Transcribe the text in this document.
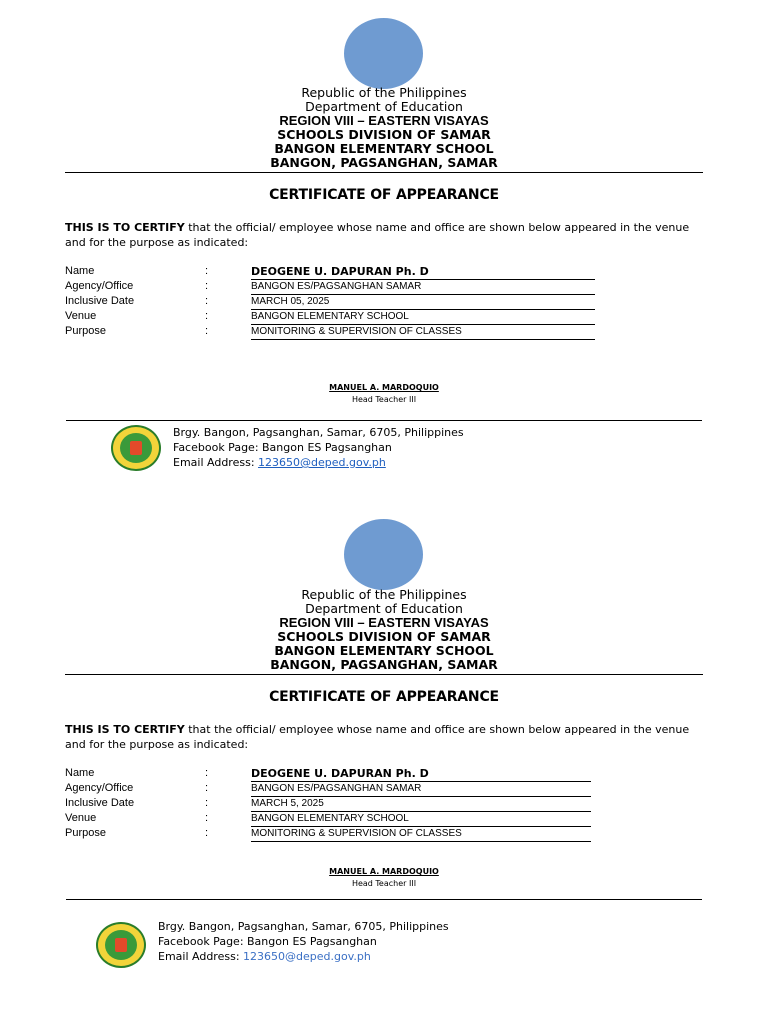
Republic of the Philippines
Department of Education
REGION VIII – EASTERN VISAYAS
SCHOOLS DIVISION OF SAMAR
BANGON ELEMENTARY SCHOOL
BANGON, PAGSANGHAN, SAMAR
CERTIFICATE OF APPEARANCE
THIS IS TO CERTIFY that the official/ employee whose name and office are shown below appeared in the venue and for the purpose as indicated:
Name	:	DEOGENE U. DAPURAN Ph. D
Agency/Office	:	BANGON ES/PAGSANGHAN SAMAR
Inclusive Date	:	MARCH 05, 2025
Venue	:	BANGON ELEMENTARY SCHOOL
Purpose	:	MONITORING & SUPERVISION OF CLASSES
MANUEL A. MARDOQUIO
Head Teacher III
Brgy. Bangon, Pagsanghan, Samar, 6705, Philippines
Facebook Page: Bangon ES Pagsanghan
Email Address: 123650@deped.gov.ph
Republic of the Philippines
Department of Education
REGION VIII – EASTERN VISAYAS
SCHOOLS DIVISION OF SAMAR
BANGON ELEMENTARY SCHOOL
BANGON, PAGSANGHAN, SAMAR
CERTIFICATE OF APPEARANCE
THIS IS TO CERTIFY that the official/ employee whose name and office are shown below appeared in the venue and for the purpose as indicated:
Name	:	DEOGENE U. DAPURAN Ph. D
Agency/Office	:	BANGON ES/PAGSANGHAN SAMAR
Inclusive Date	:	MARCH 5, 2025
Venue	:	BANGON ELEMENTARY SCHOOL
Purpose	:	MONITORING & SUPERVISION OF CLASSES
MANUEL A. MARDOQUIO
Head Teacher III
Brgy. Bangon, Pagsanghan, Samar, 6705, Philippines
Facebook Page: Bangon ES Pagsanghan
Email Address: 123650@deped.gov.ph
